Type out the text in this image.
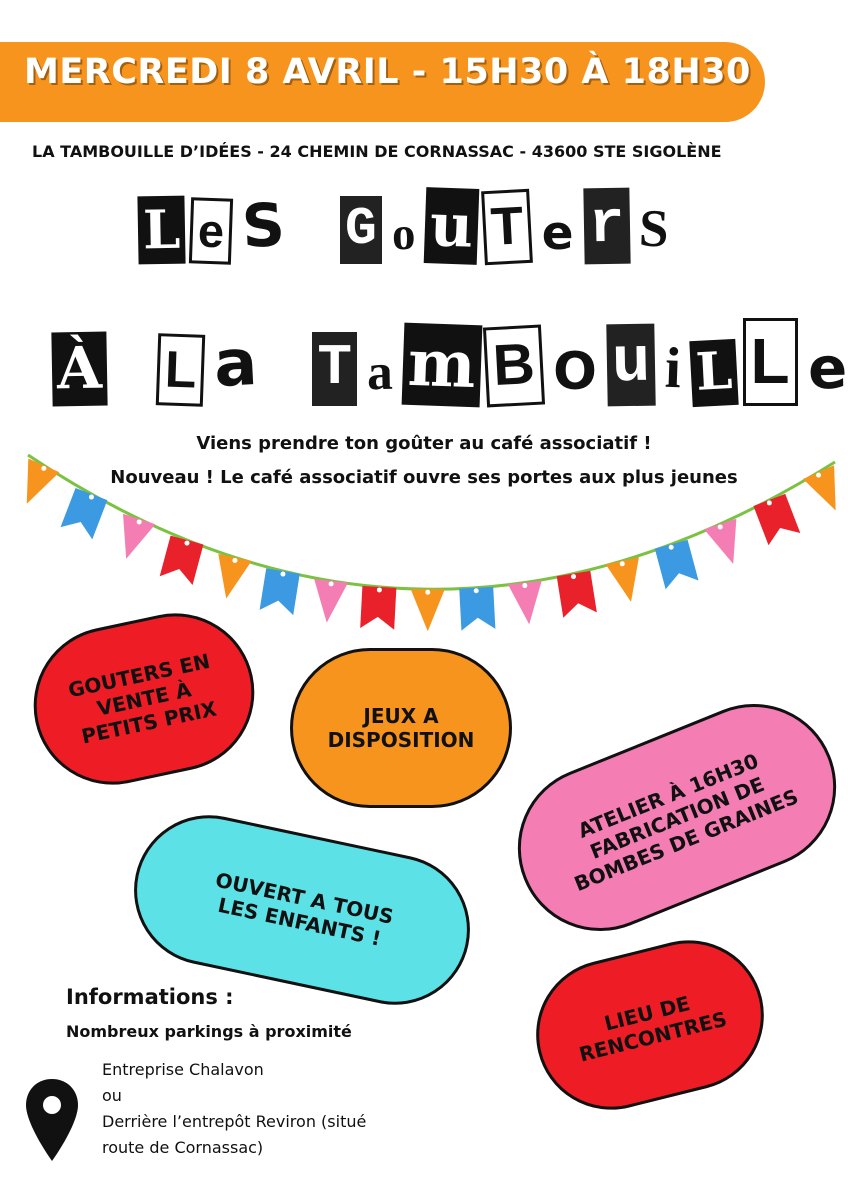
MERCREDI 8 AVRIL - 15H30 À 18H30
LA TAMBOUILLE D’IDÉES - 24 CHEMIN DE CORNASSAC - 43600 STE SIGOLÈNE
L e S G o u T e r S
À L a T a m B O u i L L e
Viens prendre ton goûter au café associatif !
Nouveau ! Le café associatif ouvre ses portes aux plus jeunes
GOUTERS EN VENTE À PETITS PRIX	JEUX A DISPOSITION
ATELIER À 16H30 FABRICATION DE BOMBES DE GRAINES
OUVERT A TOUS LES ENFANTS !
LIEU DE RENCONTRES
Informations :
Nombreux parkings à proximité
Entreprise Chalavon
ou
Derrière l’entrepôt Reviron (situé
route de Cornassac)
